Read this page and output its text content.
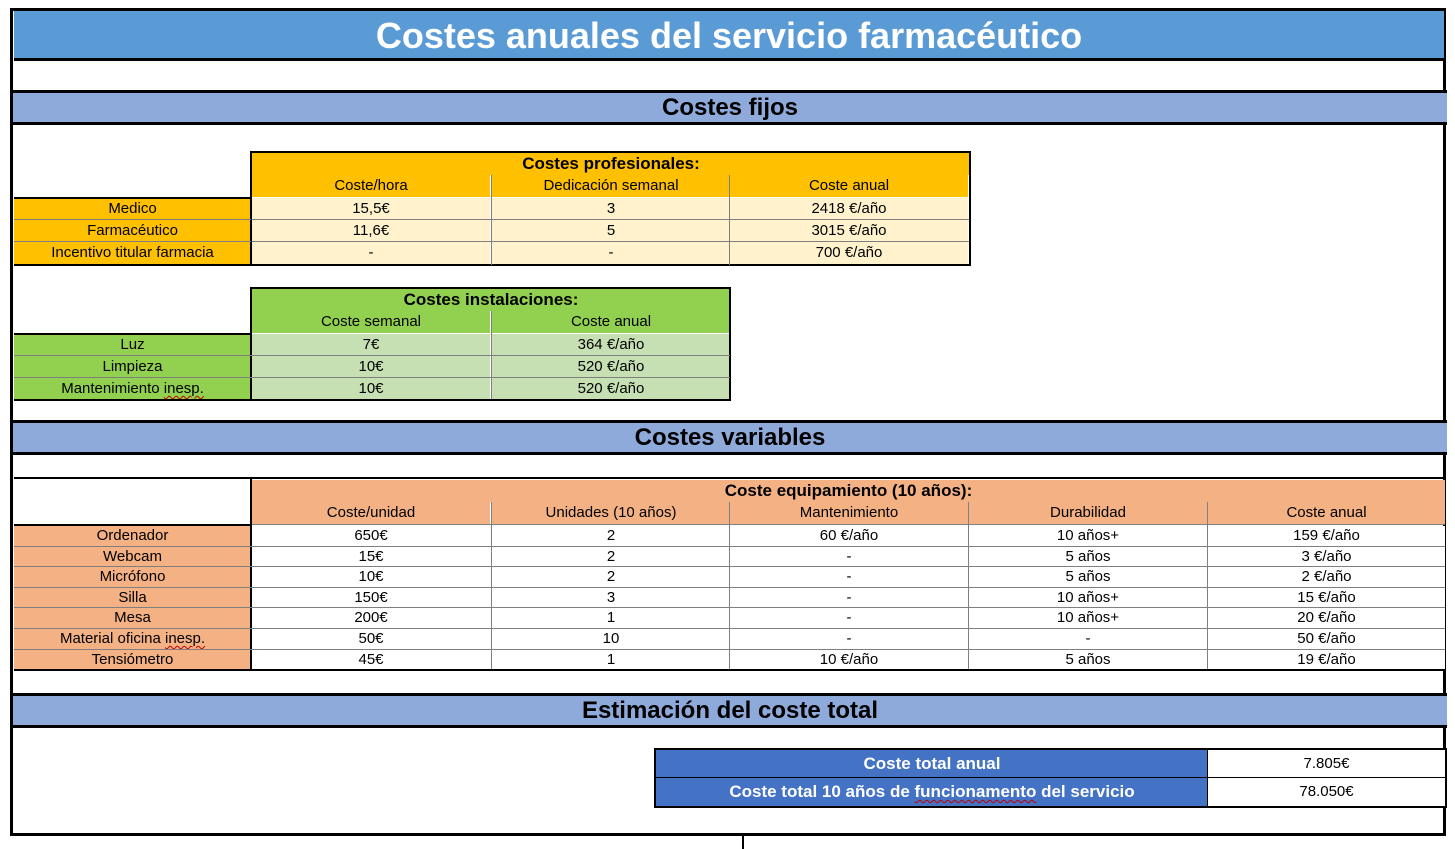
Costes anuales del servicio farmacéutico
Costes fijos
Costes profesionales:
Coste/hora	Dedicación semanal	Coste anual
Medico	15,5€	3	2418 €/año
Farmacéutico	11,6€	5	3015 €/año
Incentivo titular farmacia	-	-	700 €/año
Costes instalaciones:
Coste semanal	Coste anual
Luz	7€	364 €/año
Limpieza	10€	520 €/año
Mantenimiento inesp.	10€	520 €/año
Costes variables
Coste equipamiento (10 años):
Coste/unidad	Unidades (10 años)	Mantenimiento	Durabilidad	Coste anual
Ordenador	650€	2	60 €/año	10 años+	159 €/año
Webcam	15€	2	-	5 años	3 €/año
Micrófono	10€	2	-	5 años	2 €/año
Silla	150€	3	-	10 años+	15 €/año
Mesa	200€	1	-	10 años+	20 €/año
Material oficina inesp.	50€	10	-	-	50 €/año
Tensiómetro	45€	1	10 €/año	5 años	19 €/año
Estimación del coste total
Coste total anual	7.805€
Coste total 10 años de funcionamento del servicio	78.050€
